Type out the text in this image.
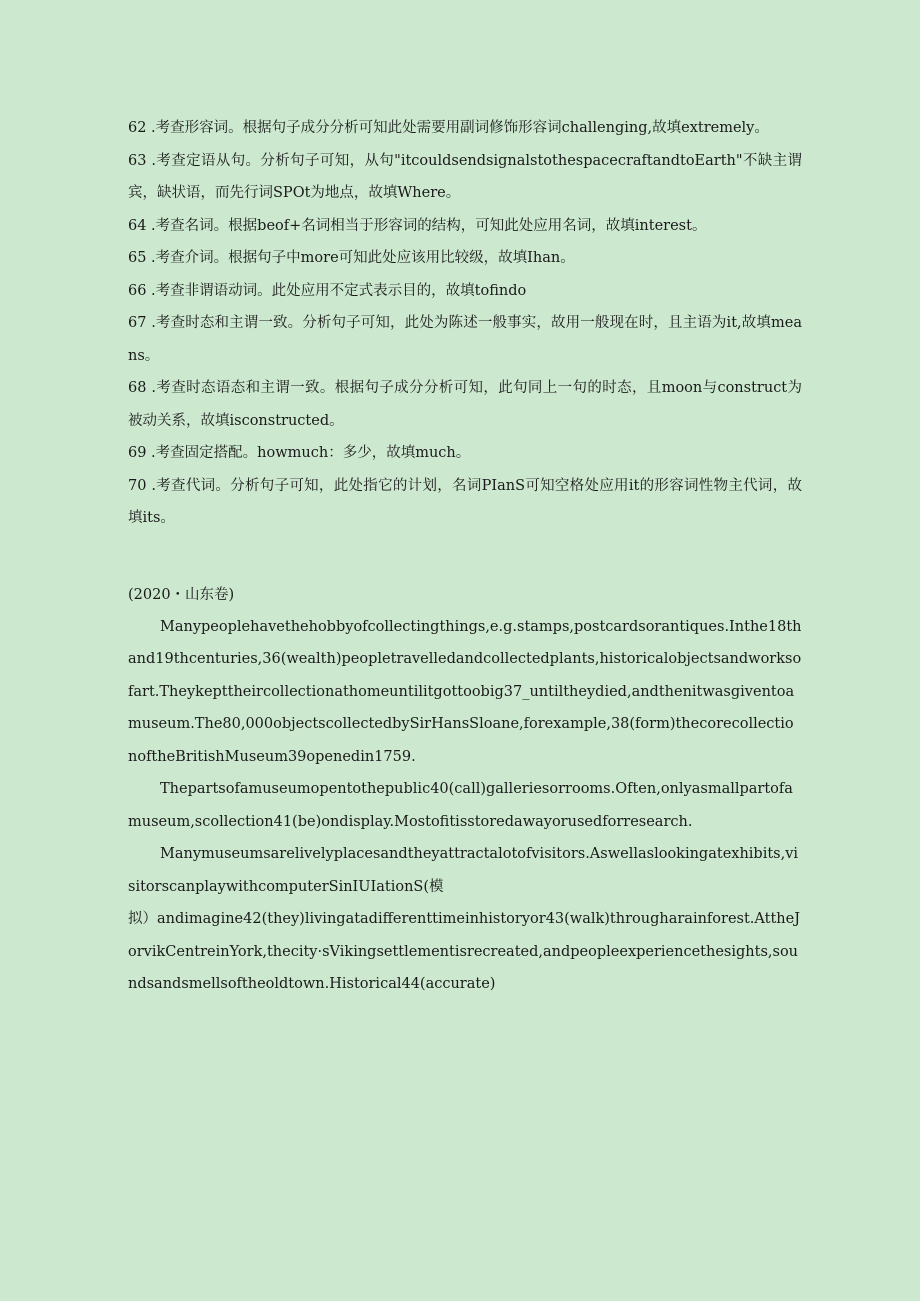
62 .考查形容词。根据句子成分分析可知此处需要用副词修饰形容词challenging,故填extremely。

63 .考查定语从句。分析句子可知，从句"itcouldsendsignalstothespacecraftandtoEarth"不缺主谓宾，缺状语，而先行词SPOt为地点，故填Where。

64 .考查名词。根据beof+名词相当于形容词的结构，可知此处应用名词，故填interest。

65 .考查介词。根据句子中more可知此处应该用比较级，故填Ihan。

66 .考查非谓语动词。此处应用不定式表示目的，故填tofindo

67 .考查时态和主谓一致。分析句子可知，此处为陈述一般事实，故用一般现在时，且主语为it,故填means。

68 .考查时态语态和主谓一致。根据句子成分分析可知，此句同上一句的时态，且moon与construct为被动关系，故填isconstructed。

69 .考查固定搭配。howmuch：多少，故填much。

70 .考查代词。分析句子可知，此处指它的计划，名词PIanS可知空格处应用it的形容词性物主代词，故填its。

(2020・山东卷)

Manypeoplehavethehobbyofcollectingthings,e.g.stamps,postcardsorantiques.Inthe18thand19thcenturies,36(wealth)peopletravelledandcollectedplants,historicalobjectsandworksofart.Theykepttheircollectionathomeuntilitgottoobig37_untiltheydied,andthenitwasgiventoamuseum.The80,000objectscollectedbySirHansSloane,forexample,38(form)thecorecollectionoftheBritishMuseum39openedin1759.

Thepartsofamuseumopentothepublic40(call)galleriesorrooms.Often,onlyasmallpartofamuseum,scollection41(be)ondisplay.Mostofitisstoredawayorusedforresearch.

Manymuseumsarelivelyplacesandtheyattractalotofvisitors.Aswellaslookingatexhibits,visitorscanplaywithcomputerSinIUIationS(模

拟）andimagine42(they)livingatadifferenttimeinhistoryor43(walk)througharainforest.AttheJorvikCentreinYork,thecity·sVikingsettlementisrecreated,andpeopleexperiencethesights,soundsandsmellsoftheoldtown.Historical44(accurate)
